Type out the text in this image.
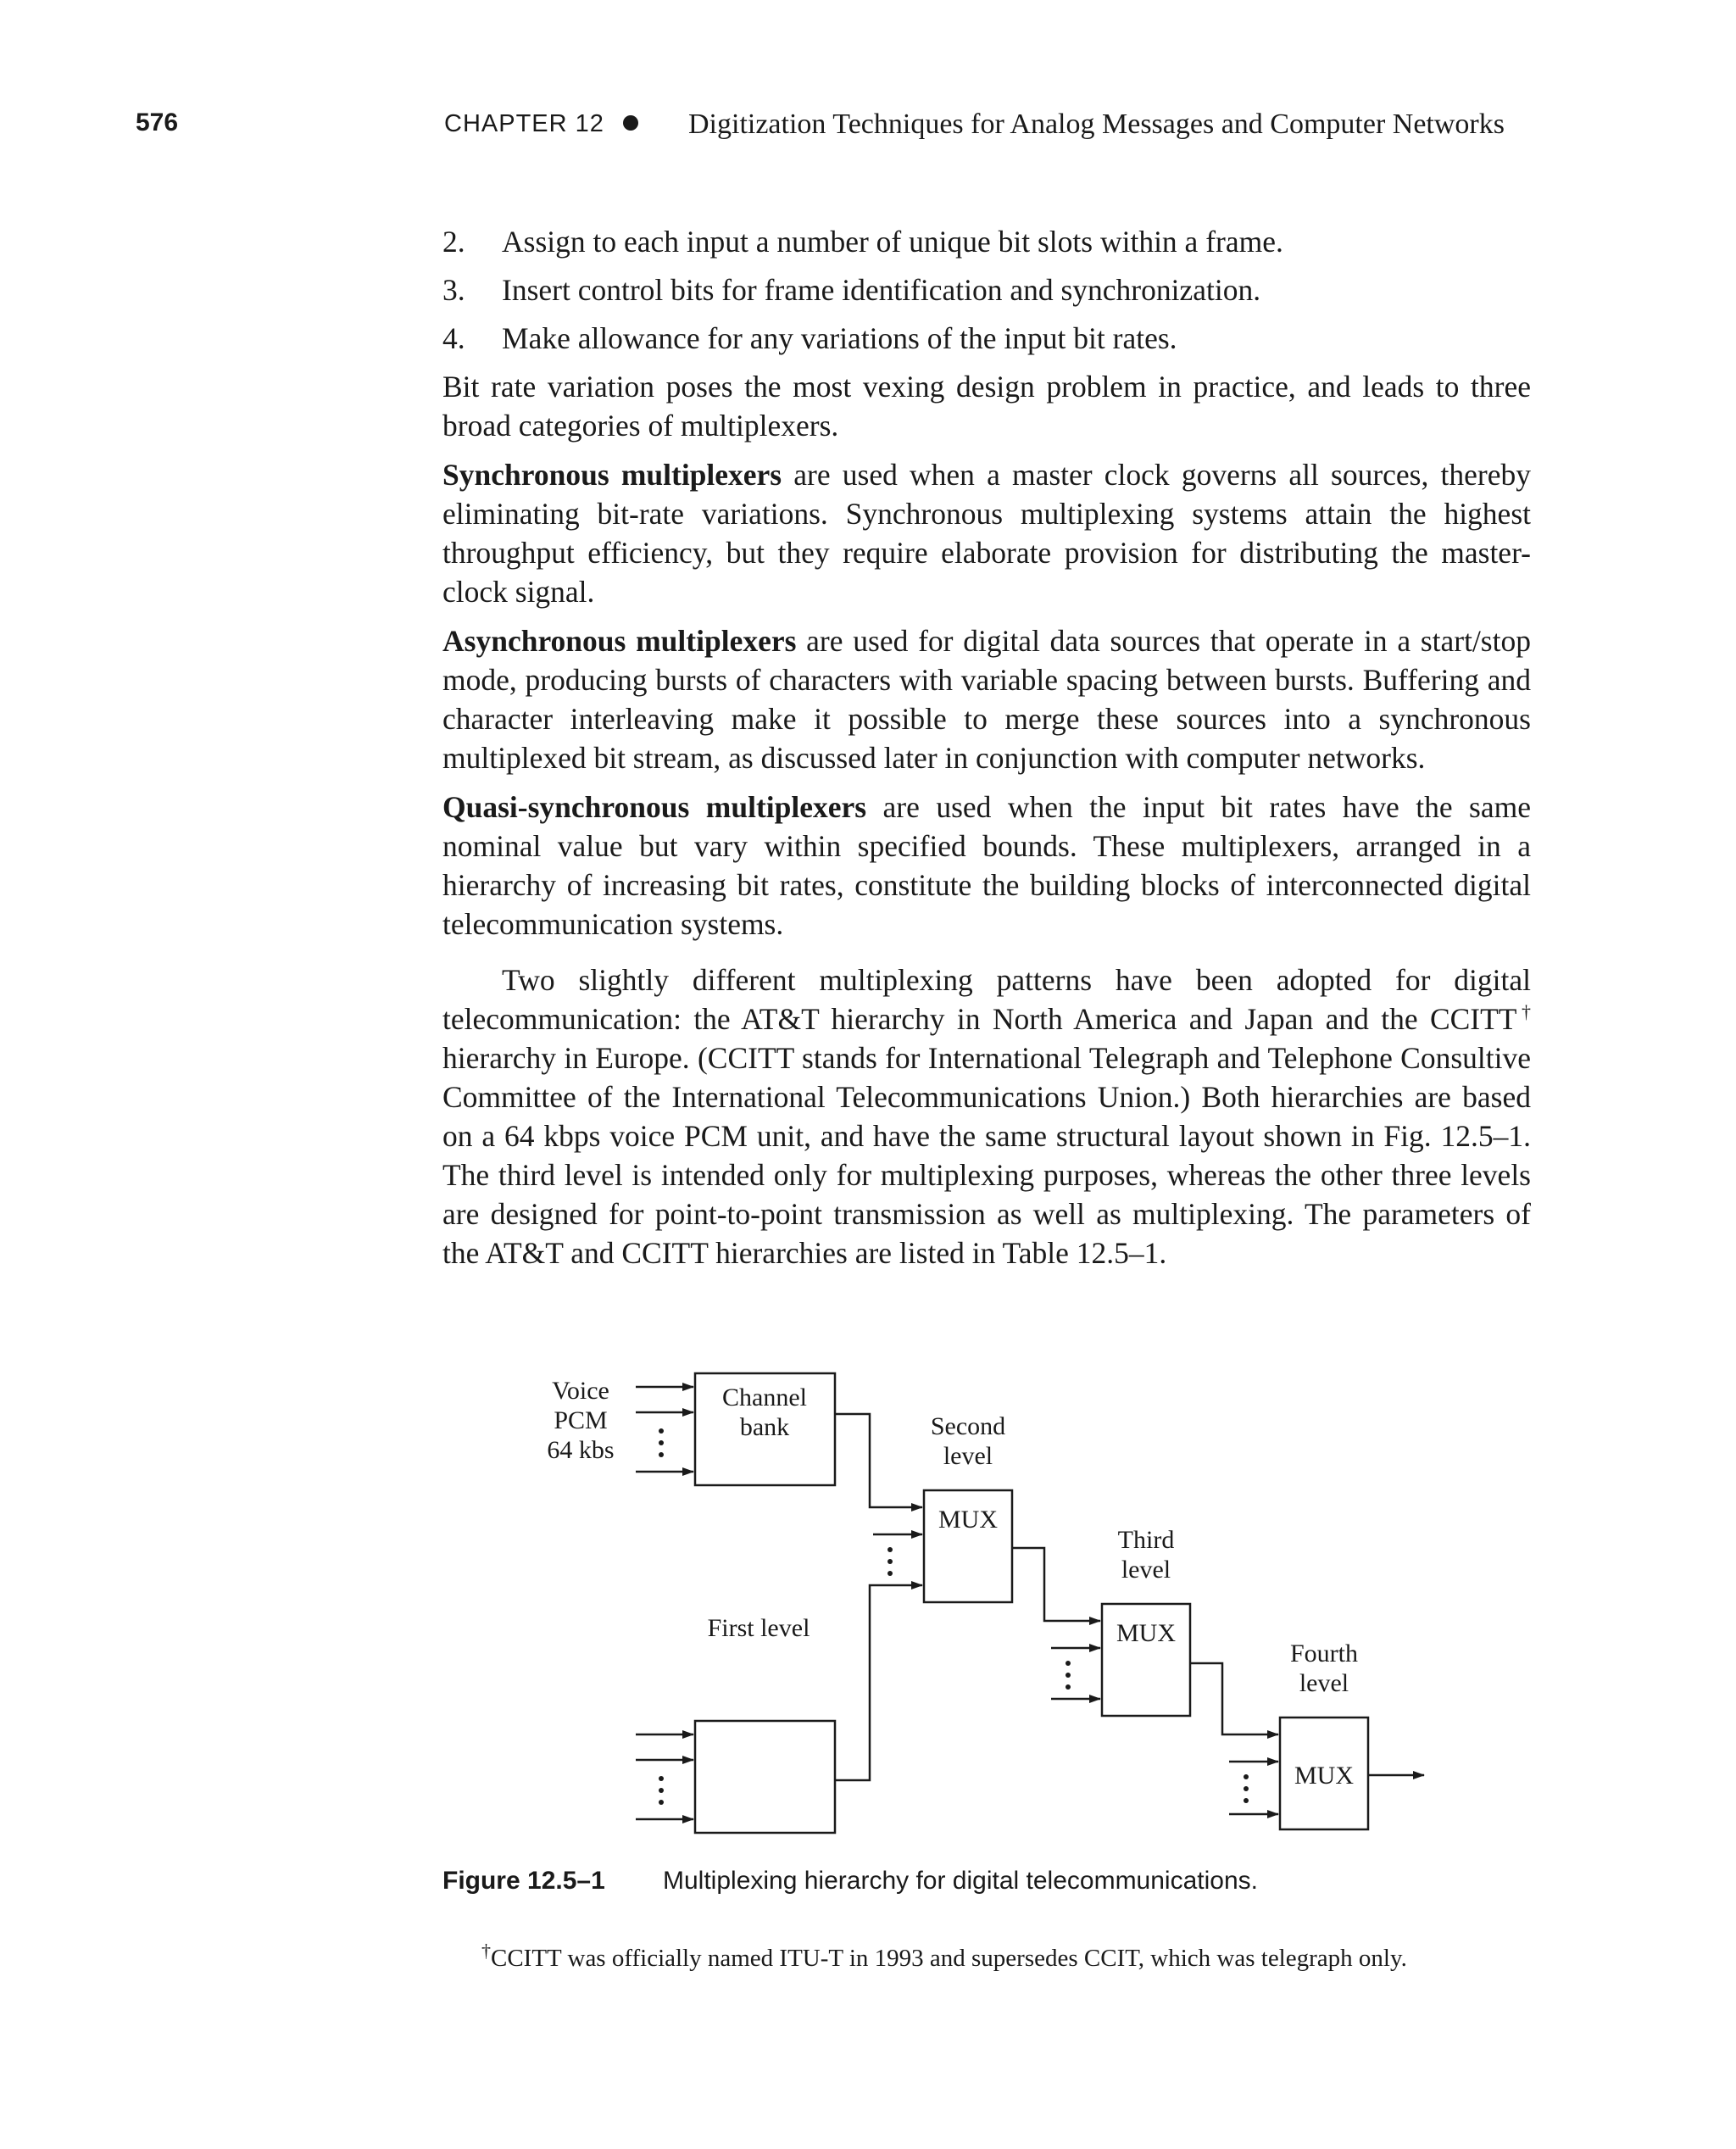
576	CHAPTER 12	Digitization Techniques for Analog Messages and Computer Networks
2.	Assign to each input a number of unique bit slots within a frame.
3.	Insert control bits for frame identification and synchronization.
4.	Make allowance for any variations of the input bit rates.

Bit rate variation poses the most vexing design problem in practice, and leads to three broad categories of multiplexers.

Synchronous multiplexers are used when a master clock governs all sources, thereby eliminating bit-rate variations. Synchronous multiplexing systems attain the highest throughput efficiency, but they require elaborate provision for distributing the master-clock signal.

Asynchronous multiplexers are used for digital data sources that operate in a start/stop mode, producing bursts of characters with variable spacing between bursts. Buffering and character interleaving make it possible to merge these sources into a synchronous multiplexed bit stream, as discussed later in conjunction with computer networks.

Quasi-synchronous multiplexers are used when the input bit rates have the same nominal value but vary within specified bounds. These multiplexers, arranged in a hierarchy of increasing bit rates, constitute the building blocks of interconnected digital telecommunication systems.

Two slightly different multiplexing patterns have been adopted for digital telecommunication: the AT&T hierarchy in North America and Japan and the CCITT† hierarchy in Europe. (CCITT stands for International Telegraph and Telephone Consultive Committee of the International Telecommunications Union.) Both hierarchies are based on a 64 kbps voice PCM unit, and have the same structural layout shown in Fig. 12.5–1. The third level is intended only for multiplexing purposes, whereas the other three levels are designed for point-to-point transmission as well as multiplexing. The parameters of the AT&T and CCITT hierarchies are listed in Table 12.5–1.

Voice
PCM
64 kbs
Channel
bank
First level
Second
level
MUX
Third
level
MUX
Fourth
level
MUX
Figure 12.5–1 Multiplexing hierarchy for digital telecommunications.
†CCITT was officially named ITU-T in 1993 and supersedes CCIT, which was telegraph only.
